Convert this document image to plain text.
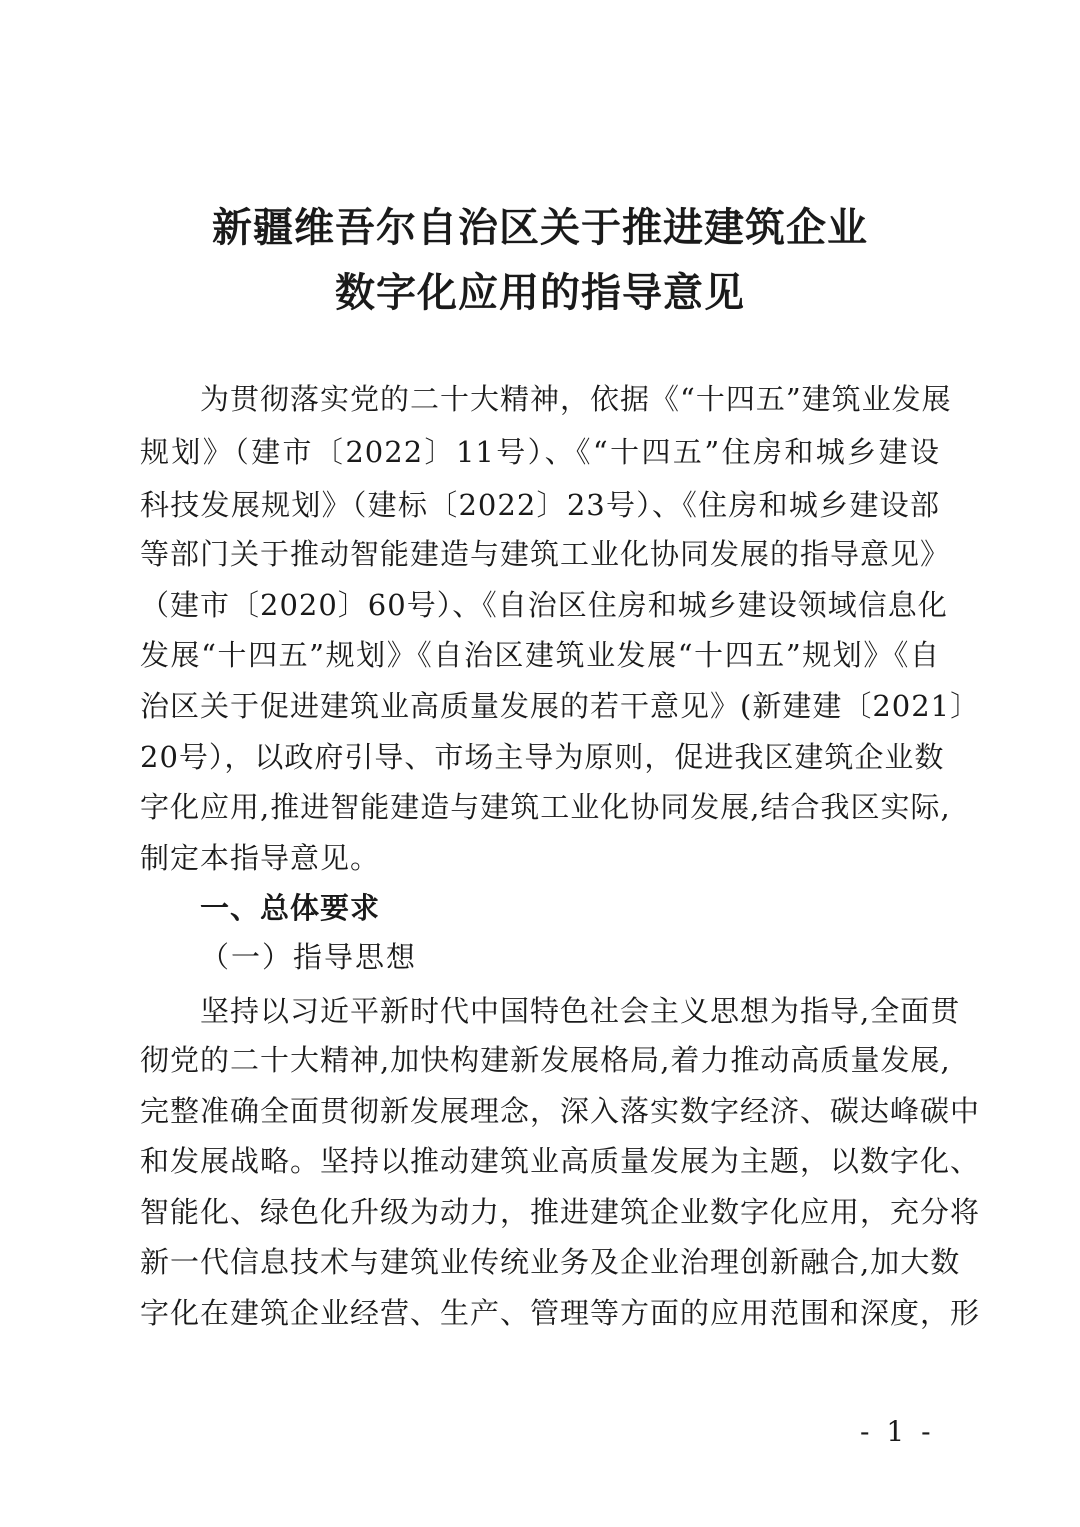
新疆维吾尔自治区关于推进建筑企业
数字化应用的指导意见
为贯彻落实党的二十大精神，依据《“十四五”建筑业发展
规划》（建市〔2022〕11号）、《“十四五”住房和城乡建设
科技发展规划》（建标〔2022〕23号）、《住房和城乡建设部
等部门关于推动智能建造与建筑工业化协同发展的指导意见》
（建市〔2020〕60号）、《自治区住房和城乡建设领域信息化
发展“十四五”规划》《自治区建筑业发展“十四五”规划》《自
治区关于促进建筑业高质量发展的若干意见》(新建建〔2021〕
20号），以政府引导、市场主导为原则，促进我区建筑企业数
字化应用,推进智能建造与建筑工业化协同发展,结合我区实际,
制定本指导意见。
一、总体要求
（一）指导思想
坚持以习近平新时代中国特色社会主义思想为指导,全面贯
彻党的二十大精神,加快构建新发展格局,着力推动高质量发展,
完整准确全面贯彻新发展理念，深入落实数字经济、碳达峰碳中
和发展战略。坚持以推动建筑业高质量发展为主题，以数字化、
智能化、绿色化升级为动力，推进建筑企业数字化应用，充分将
新一代信息技术与建筑业传统业务及企业治理创新融合,加大数
字化在建筑企业经营、生产、管理等方面的应用范围和深度，形
- 1 -
